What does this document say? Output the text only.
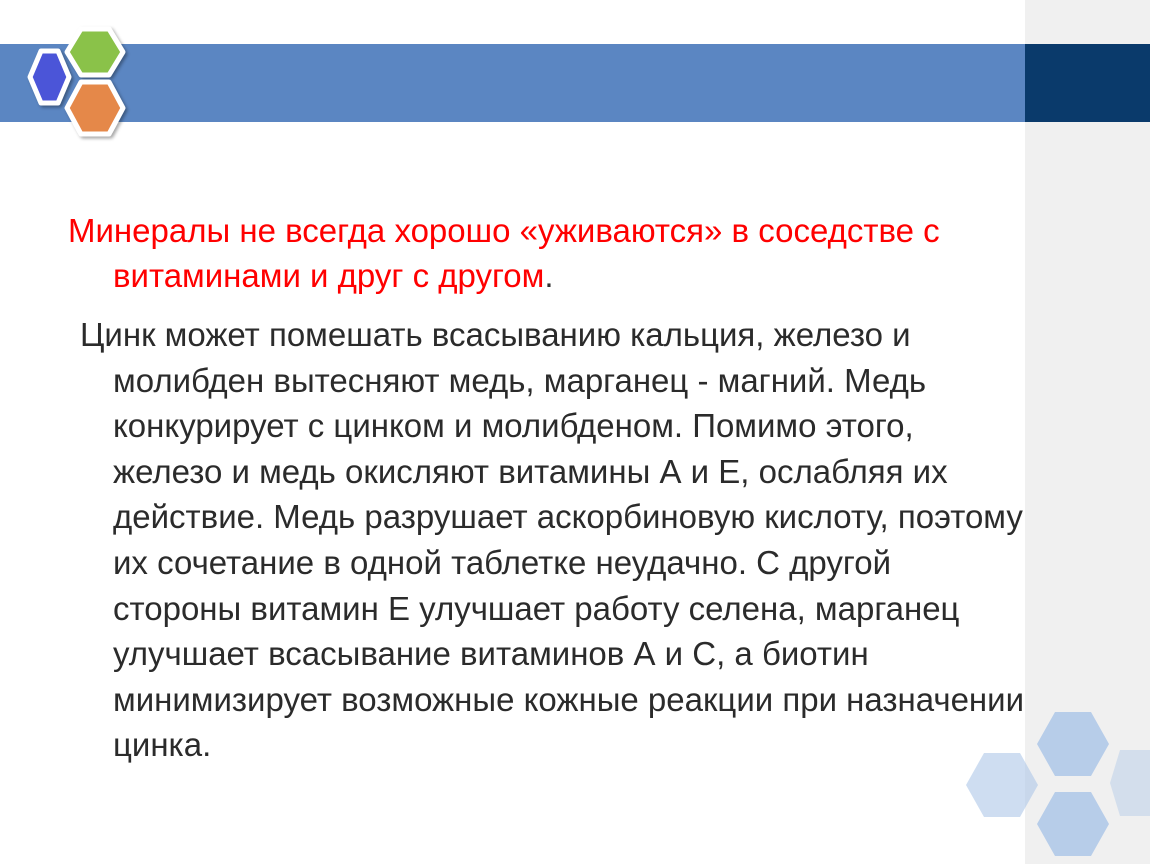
Минералы не всегда хорошо «уживаются» в соседстве с витаминами и друг с другом.

Цинк может помешать всасыванию кальция, железо и молибден вытесняют медь, марганец - магний. Медь конкурирует с цинком и молибденом. Помимо этого, железо и медь окисляют витамины А и Е, ослабляя их действие. Медь разрушает аскорбиновую кислоту, поэтому их сочетание в одной таблетке неудачно. С другой стороны витамин Е улучшает работу селена, марганец улучшает всасывание витаминов А и С, а биотин минимизирует возможные кожные реакции при назначении цинка.
